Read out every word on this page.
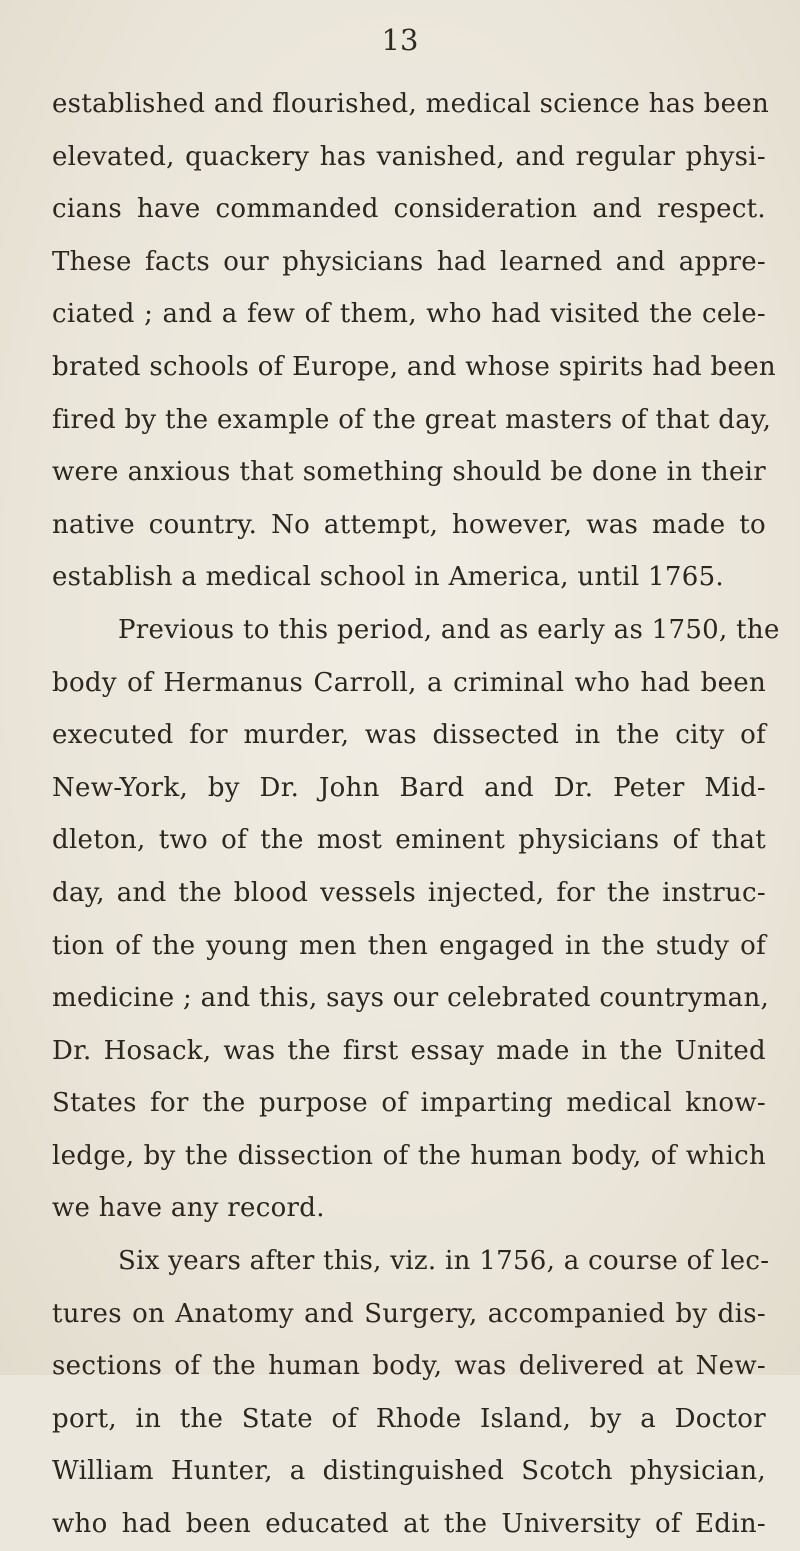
13
established and flourished, medical science has been
elevated, quackery has vanished, and regular physi-
cians have commanded consideration and respect.
These facts our physicians had learned and appre-
ciated ; and a few of them, who had visited the cele-
brated schools of Europe, and whose spirits had been
fired by the example of the great masters of that day,
were anxious that something should be done in their
native country. No attempt, however, was made to
establish a medical school in America, until 1765.
Previous to this period, and as early as 1750, the
body of Hermanus Carroll, a criminal who had been
executed for murder, was dissected in the city of
New-York, by Dr. John Bard and Dr. Peter Mid-
dleton, two of the most eminent physicians of that
day, and the blood vessels injected, for the instruc-
tion of the young men then engaged in the study of
medicine ; and this, says our celebrated countryman,
Dr. Hosack, was the first essay made in the United
States for the purpose of imparting medical know-
ledge, by the dissection of the human body, of which
we have any record.
Six years after this, viz. in 1756, a course of lec-
tures on Anatomy and Surgery, accompanied by dis-
sections of the human body, was delivered at New-
port, in the State of Rhode Island, by a Doctor
William Hunter, a distinguished Scotch physician,
who had been educated at the University of Edin-
